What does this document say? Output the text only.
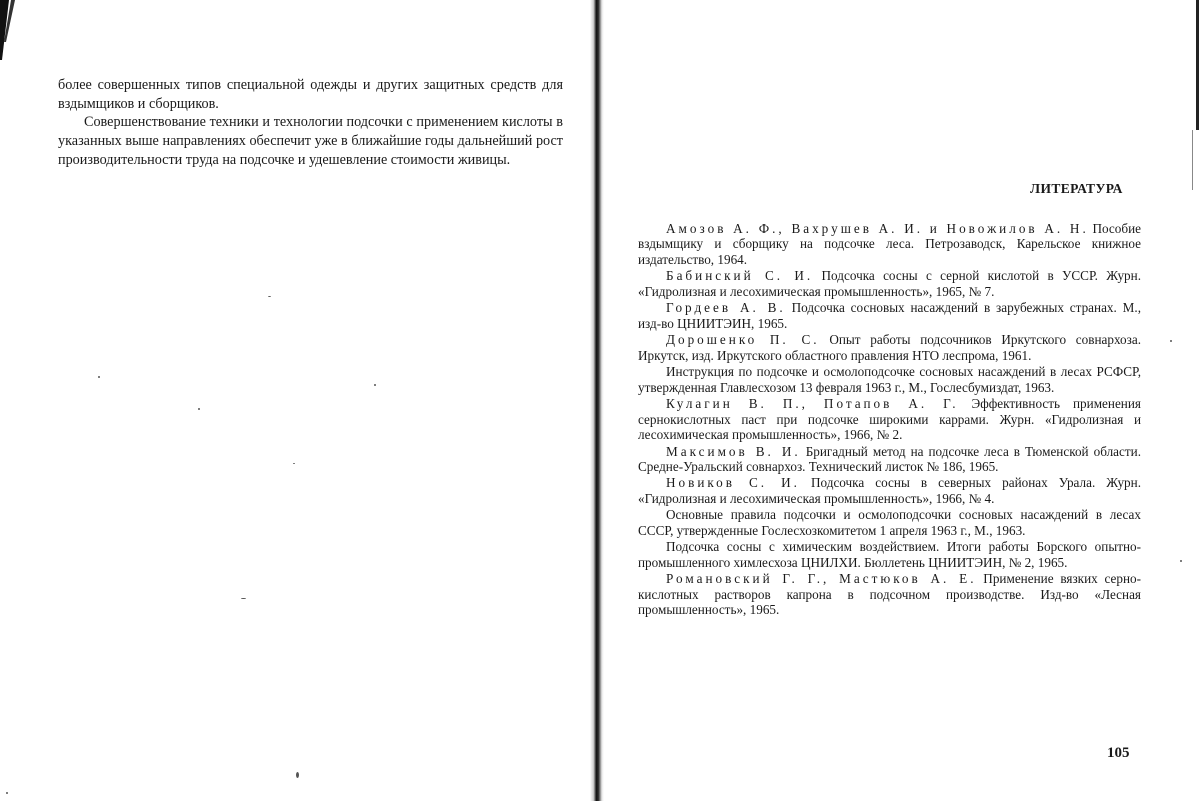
более совершенных типов специальной одежды и других защитных средств для вздымщиков и сборщиков.

Совершенствование техники и технологии подсочки с применением кислоты в указанных выше направлениях обеспечит уже в ближайшие годы дальнейший рост производительности труда на подсочке и удешевление стоимости живицы.

ЛИТЕРАТУРА

Амозов А. Ф., Вахрушев А. И. и Новожилов А. Н. Пособие вздымщику и сборщику на подсочке леса. Петрозаводск, Карельское книжное издательство, 1964.

Бабинский С. И. Подсочка сосны с серной кислотой в УССР. Журн. «Гидролизная и лесохимическая промышленность», 1965, № 7.

Гордеев А. В. Подсочка сосновых насаждений в зарубежных странах. М., изд-во ЦНИИТЭИН, 1965.

Дорошенко П. С. Опыт работы подсочников Иркутского совнархоза. Иркутск, изд. Иркутского областного правления НТО леспрома, 1961.

Инструкция по подсочке и осмолоподсочке сосновых насаждений в лесах РСФСР, утвержденная Главлесхозом 13 февраля 1963 г., М., Гослесбумиздат, 1963.

Кулагин В. П., Потапов А. Г. Эффективность применения сернокислотных паст при подсочке широкими каррами. Журн. «Гидролизная и лесохимическая промышленность», 1966, № 2.

Максимов В. И. Бригадный метод на подсочке леса в Тюменской области. Средне-Уральский совнархоз. Технический листок № 186, 1965.

Новиков С. И. Подсочка сосны в северных районах Урала. Журн. «Гидролизная и лесохимическая промышленность», 1966, № 4.

Основные правила подсочки и осмолоподсочки сосновых насаждений в лесах СССР, утвержденные Гослесхозкомитетом 1 апреля 1963 г., М., 1963.

Подсочка сосны с химическим воздействием. Итоги работы Борского опытно-промышленного химлесхоза ЦНИЛХИ. Бюллетень ЦНИИТЭИН, № 2, 1965.

Романовский Г. Г., Мастюков А. Е. Применение вязких серно-кислотных растворов капрона в подсочном производстве. Изд-во «Лесная промышленность», 1965.

105
